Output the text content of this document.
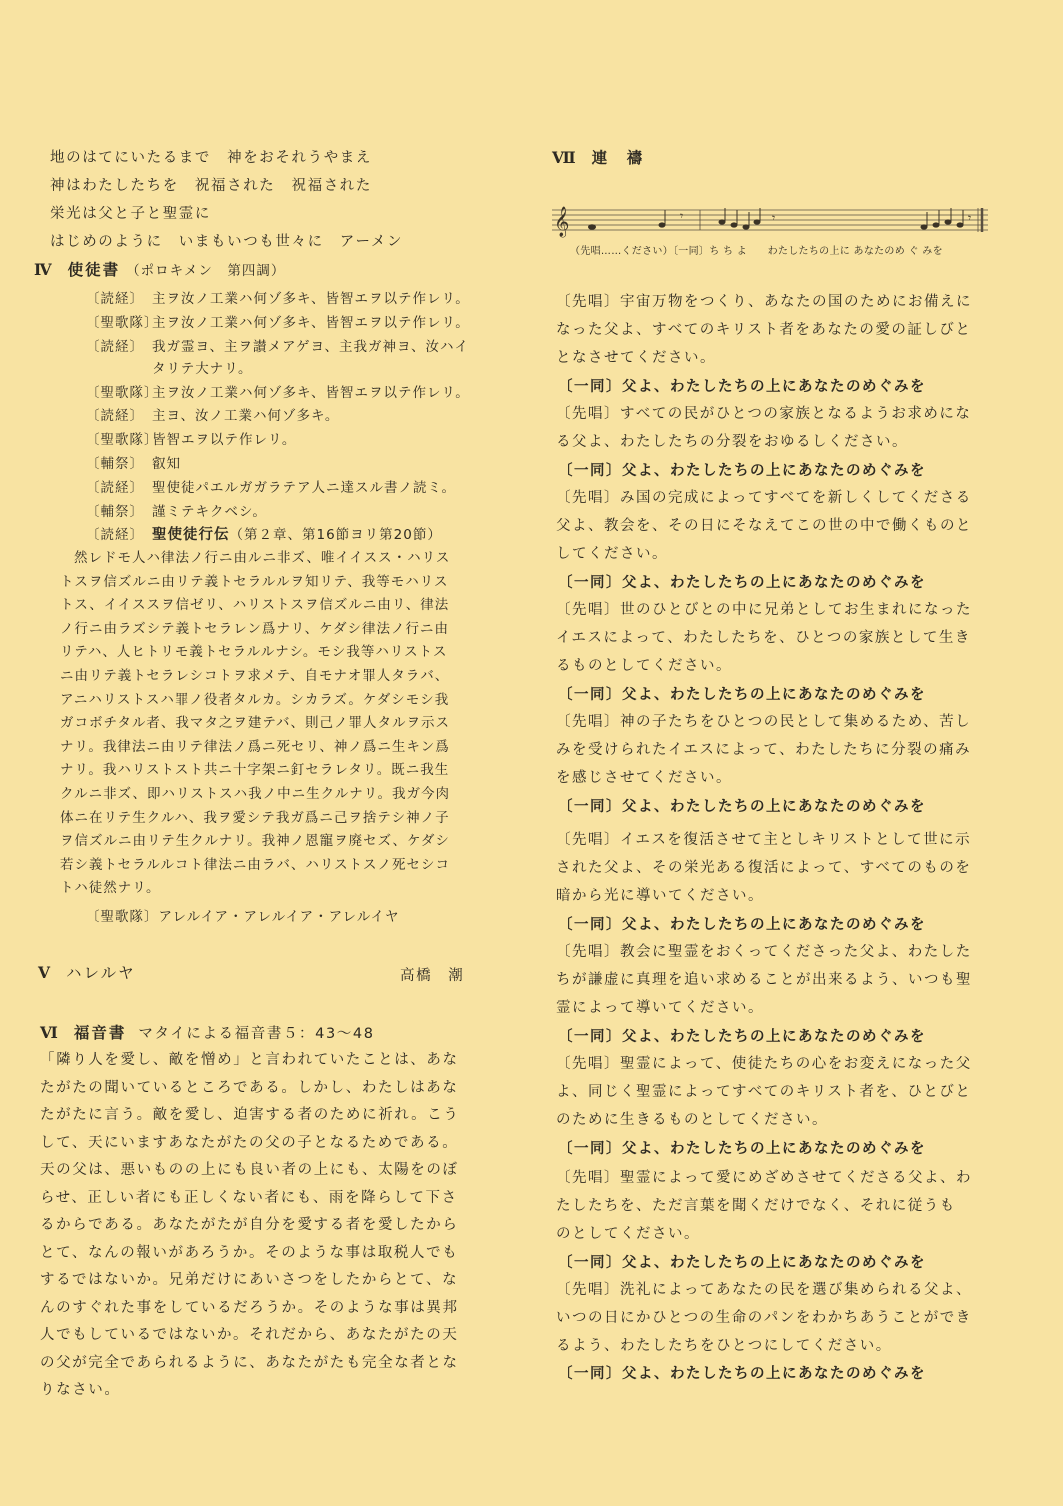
地のはてにいたるまで　神をおそれうやまえ
神はわたしたちを　祝福された　祝福された
栄光は父と子と聖霊に
はじめのように　いまもいつも世々に　アーメン
Ⅳ 使徒書 （ポロキメン　第四調）
〔読経〕 主ヲ汝ノ工業ハ何ゾ多キ、皆智エヲ以テ作レリ。
〔聖歌隊〕主ヲ汝ノ工業ハ何ゾ多キ、皆智エヲ以テ作レリ。
〔読経〕 我ガ霊ヨ、主ヲ讃メアゲヨ、主我ガ神ヨ、汝ハイ
タリテ大ナリ。
〔聖歌隊〕主ヲ汝ノ工業ハ何ゾ多キ、皆智エヲ以テ作レリ。
〔読経〕 主ヨ、汝ノ工業ハ何ゾ多キ。
〔聖歌隊〕皆智エヲ以テ作レリ。
〔輔祭〕 叡知
〔読経〕 聖使徒パエルガガラテア人ニ達スル書ノ読ミ。
〔輔祭〕 謹ミテキクベシ。
〔読経〕 聖使徒行伝（第２章、第16節ヨリ第20節）
然レドモ人ハ律法ノ行ニ由ルニ非ズ、唯イイスス・ハリス
トスヲ信ズルニ由リテ義トセラルルヲ知リテ、我等モハリス
トス、イイススヲ信ゼリ、ハリストスヲ信ズルニ由リ、律法
ノ行ニ由ラズシテ義トセラレン爲ナリ、ケダシ律法ノ行ニ由
リテハ、人ヒトリモ義トセラルルナシ。モシ我等ハリストス
ニ由リテ義トセラレシコトヲ求メテ、自モナオ罪人タラバ、
アニハリストスハ罪ノ役者タルカ。シカラズ。ケダシモシ我
ガコボチタル者、我マタ之ヲ建テバ、則己ノ罪人タルヲ示ス
ナリ。我律法ニ由リテ律法ノ爲ニ死セリ、神ノ爲ニ生キン爲
ナリ。我ハリストスト共ニ十字架ニ釘セラレタリ。既ニ我生
クルニ非ズ、即ハリストスハ我ノ中ニ生クルナリ。我ガ今肉
体ニ在リテ生クルハ、我ヲ愛シテ我ガ爲ニ己ヲ捨テシ神ノ子
ヲ信ズルニ由リテ生クルナリ。我神ノ恩寵ヲ廃セズ、ケダシ
若シ義トセラルルコト律法ニ由ラバ、ハリストスノ死セシコ
トハ徒然ナリ。
〔聖歌隊〕アレルイア・アレルイア・アレルイヤ
Ⅴ ハレルヤ	高橋　潮
Ⅵ 福音書 マタイによる福音書５：43～48
「隣り人を愛し、敵を憎め」と言われていたことは、あな
たがたの聞いているところである。しかし、わたしはあな
たがたに言う。敵を愛し、迫害する者のために祈れ。こう
して、天にいますあなたがたの父の子となるためである。
天の父は、悪いものの上にも良い者の上にも、太陽をのぼ
らせ、正しい者にも正しくない者にも、雨を降らして下さ
るからである。あなたがたが自分を愛する者を愛したから
とて、なんの報いがあろうか。そのような事は取税人でも
するではないか。兄弟だけにあいさつをしたからとて、な
んのすぐれた事をしているだろうか。そのような事は異邦
人でもしているではないか。それだから、あなたがたの天
の父が完全であられるように、あなたがたも完全な者とな
りなさい。
Ⅶ 連　禱
𝄞	𝄾	𝄾	𝄾
（先唱……ください）〔一同〕ち ち よ　　わたしたちの上に あなたのめ ぐ みを
〔先唱〕宇宙万物をつくり、あなたの国のためにお備えに
なった父よ、すべてのキリスト者をあなたの愛の証しびと
となさせてください。
〔一同〕父よ、わたしたちの上にあなたのめぐみを
〔先唱〕すべての民がひとつの家族となるようお求めにな
る父よ、わたしたちの分裂をおゆるしください。
〔一同〕父よ、わたしたちの上にあなたのめぐみを
〔先唱〕み国の完成によってすべてを新しくしてくださる
父よ、教会を、その日にそなえてこの世の中で働くものと
してください。
〔一同〕父よ、わたしたちの上にあなたのめぐみを
〔先唱〕世のひとびとの中に兄弟としてお生まれになった
イエスによって、わたしたちを、ひとつの家族として生き
るものとしてください。
〔一同〕父よ、わたしたちの上にあなたのめぐみを
〔先唱〕神の子たちをひとつの民として集めるため、苦し
みを受けられたイエスによって、わたしたちに分裂の痛み
を感じさせてください。
〔一同〕父よ、わたしたちの上にあなたのめぐみを
〔先唱〕イエスを復活させて主としキリストとして世に示
された父よ、その栄光ある復活によって、すべてのものを
暗から光に導いてください。
〔一同〕父よ、わたしたちの上にあなたのめぐみを
〔先唱〕教会に聖霊をおくってくださった父よ、わたした
ちが謙虚に真理を追い求めることが出来るよう、いつも聖
霊によって導いてください。
〔一同〕父よ、わたしたちの上にあなたのめぐみを
〔先唱〕聖霊によって、使徒たちの心をお変えになった父
よ、同じく聖霊によってすべてのキリスト者を、ひとびと
のために生きるものとしてください。
〔一同〕父よ、わたしたちの上にあなたのめぐみを
〔先唱〕聖霊によって愛にめざめさせてくださる父よ、わ
たしたちを、ただ言葉を聞くだけでなく、それに従うも
のとしてください。
〔一同〕父よ、わたしたちの上にあなたのめぐみを
〔先唱〕洗礼によってあなたの民を選び集められる父よ、
いつの日にかひとつの生命のパンをわかちあうことができ
るよう、わたしたちをひとつにしてください。
〔一同〕父よ、わたしたちの上にあなたのめぐみを
